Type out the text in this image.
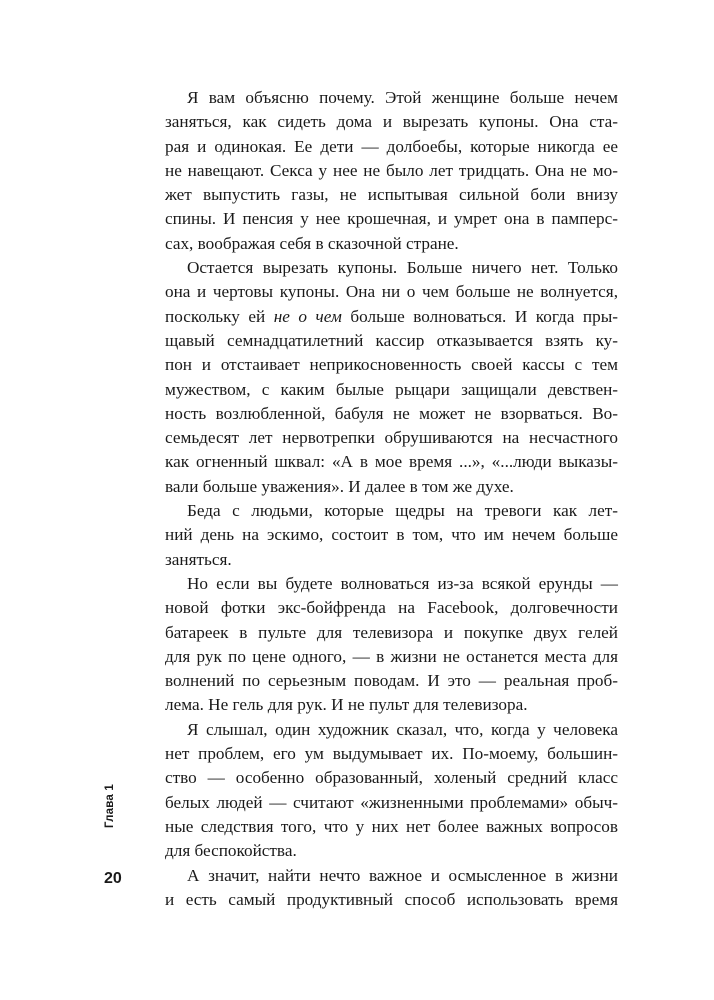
Я вам объясню почему. Этой женщине больше нечем
заняться, как сидеть дома и вырезать купоны. Она ста-
рая и одинокая. Ее дети — долбоебы, которые никогда ее
не навещают. Секса у нее не было лет тридцать. Она не мо-
жет выпустить газы, не испытывая сильной боли внизу
спины. И пенсия у нее крошечная, и умрет она в памперс-
сах, воображая себя в сказочной стране.
Остается вырезать купоны. Больше ничего нет. Только
она и чертовы купоны. Она ни о чем больше не волнуется,
поскольку ей не о чем больше волноваться. И когда пры-
щавый семнадцатилетний кассир отказывается взять ку-
пон и отстаивает неприкосновенность своей кассы с тем
мужеством, с каким былые рыцари защищали девствен-
ность возлюбленной, бабуля не может не взорваться. Во-
семьдесят лет нервотрепки обрушиваются на несчастного
как огненный шквал: «А в мое время ...», «...люди выказы-
вали больше уважения». И далее в том же духе.
Беда с людьми, которые щедры на тревоги как лет-
ний день на эскимо, состоит в том, что им нечем больше
заняться.
Но если вы будете волноваться из-за всякой ерунды —
новой фотки экс-бойфренда на Facebook, долговечности
батареек в пульте для телевизора и покупке двух гелей
для рук по цене одного, — в жизни не останется места для
волнений по серьезным поводам. И это — реальная проб-
лема. Не гель для рук. И не пульт для телевизора.
Я слышал, один художник сказал, что, когда у человека
нет проблем, его ум выдумывает их. По-моему, большин-
ство — особенно образованный, холеный средний класс
белых людей — считают «жизненными проблемами» обыч-
ные следствия того, что у них нет более важных вопросов
для беспокойства.
А значит, найти нечто важное и осмысленное в жизни
и есть самый продуктивный способ использовать время
Глава 1
20
